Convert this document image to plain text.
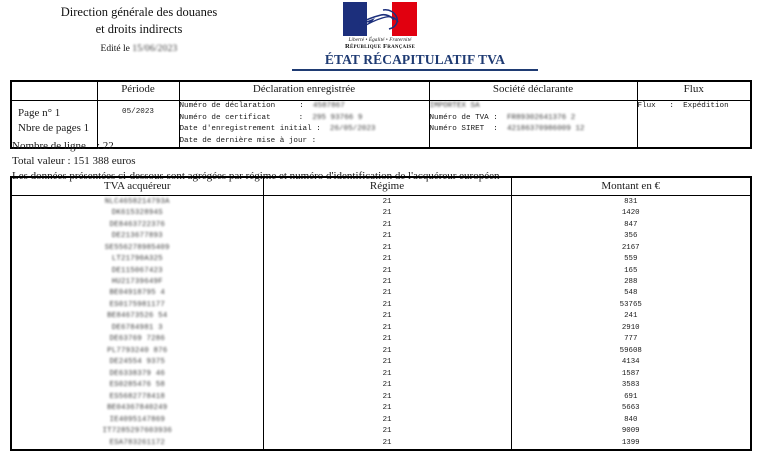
Direction générale des douanes
et droits indirects
Edité le 15/06/2023
Liberté • Égalité • Fraternité
République Française
ÉTAT RÉCAPITULATIF TVA
	Période	Déclaration enregistrée	Société déclarante	Flux

Page n° 1
Nbre de pages 1

05/2023

Numéro de déclaration	:  4587867
Numéro de certificat	:  295 93766 9
Date d'enregistrement initial :  26/05/2023
Date de dernière mise à jour :

IMPORTEX SA
Numéro de TVA :  FR89302641376 2
Numéro SIRET  :  42186370986009 12

Flux   :  Expédition
Nombre de ligne    : 22
Total valeur : 151 388 euros
Les données présentées ci-dessous sont agrégées par régime et numéro d'identification de l'acquéreur européen
TVA acquéreur	Régime	Montant en €
NLC4658214793A	21	831
DK61532894S	21	1420
DE8463722376	21	847
DE213677893	21	356
SE556278985409	21	2167
LT21790A325	21	559
DE115067423	21	165
HU21739649F	21	288
BE04918795 4	21	548
ES0175981177	21	53765
BE84673526 54	21	241
DE6784981 3	21	2910
DE63769 7286	21	777
PL7793240 876	21	59608
DE24554 9375	21	4134
DE6338379 46	21	1587
ES0285476 58	21	3583
ES5682778418	21	691
BE04367840249	21	5663
IE4095147869	21	840
IT7285297603936	21	9009
ESA783261172	21	1399
